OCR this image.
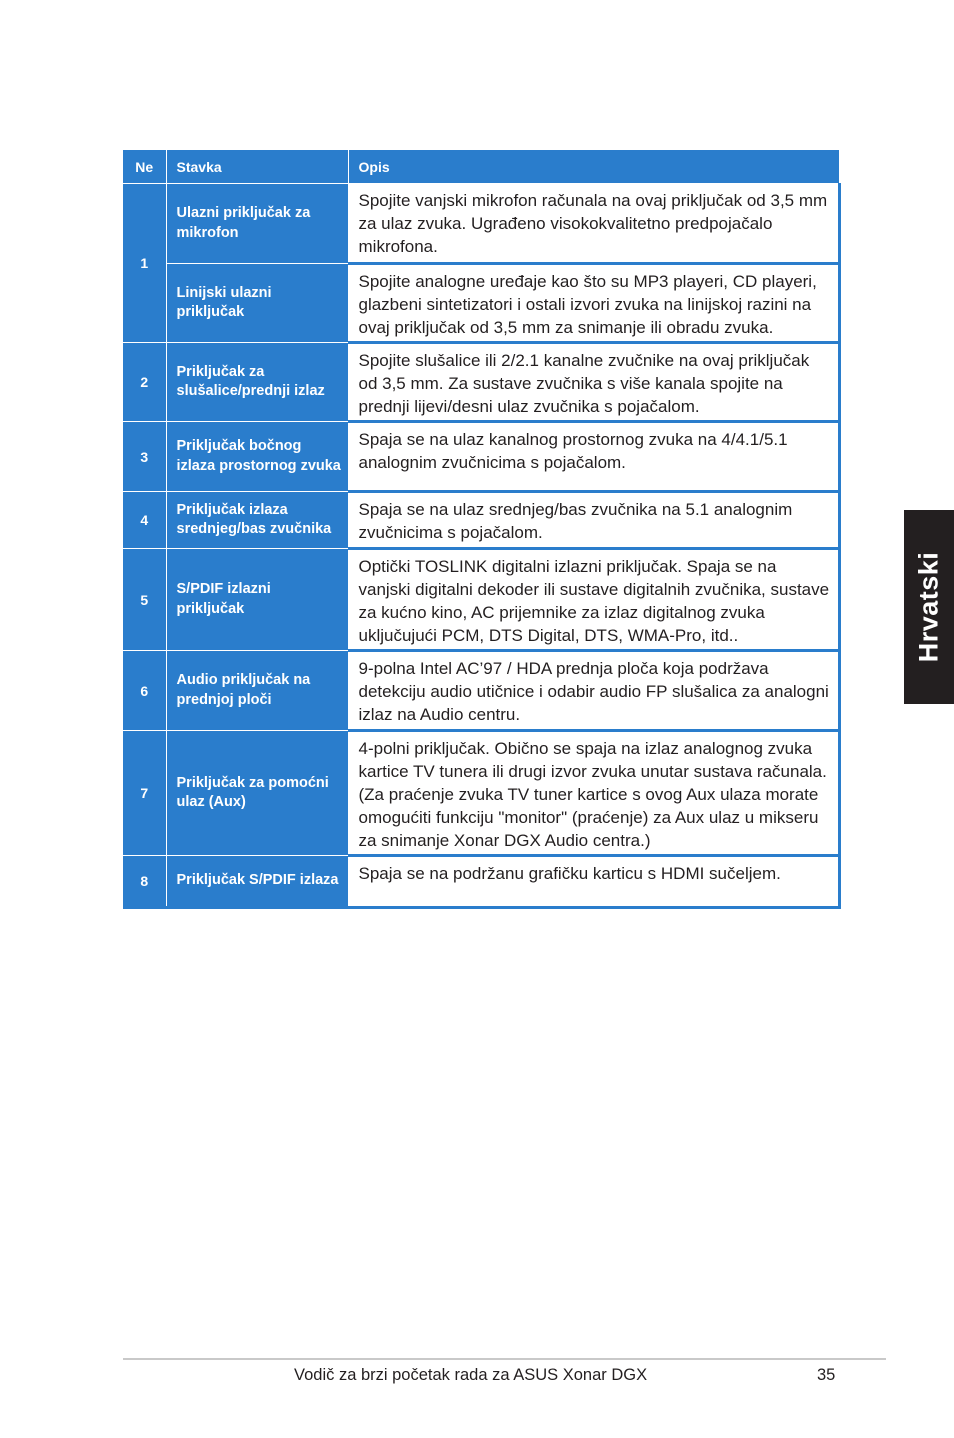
Ne	Stavka	Opis
1	Ulazni priključak za mikrofon	Spojite vanjski mikrofon računala na ovaj priključak od 3,5 mm za ulaz zvuka. Ugrađeno visokokvalitetno predpojačalo mikrofona.
	Linijski ulazni priključak	Spojite analogne uređaje kao što su MP3 playeri, CD playeri, glazbeni sintetizatori i ostali izvori zvuka na linijskoj razini na ovaj priključak od 3,5 mm za snimanje ili obradu zvuka.
2	Priključak za slušalice/prednji izlaz	Spojite slušalice ili 2/2.1 kanalne zvučnike na ovaj priključak od 3,5 mm. Za sustave zvučnika s više kanala spojite na prednji lijevi/desni ulaz zvučnika s pojačalom.
3	Priključak bočnog izlaza prostornog zvuka	Spaja se na ulaz kanalnog prostornog zvuka na 4/4.1/5.1 analognim zvučnicima s pojačalom.
4	Priključak izlaza srednjeg/bas zvučnika	Spaja se na ulaz srednjeg/bas zvučnika na 5.1 analognim zvučnicima s pojačalom.
5	S/PDIF izlazni priključak	Optički TOSLINK digitalni izlazni priključak. Spaja se na vanjski digitalni dekoder ili sustave digitalnih zvučnika, sustave za kućno kino, AC prijemnike za izlaz digitalnog zvuka uključujući PCM, DTS Digital, DTS, WMA-Pro, itd..
6	Audio priključak na prednjoj ploči	9-polna Intel AC’97 / HDA prednja ploča koja podržava detekciju audio utičnice i odabir audio FP slušalica za analogni izlaz na Audio centru.
7	Priključak za pomoćni ulaz (Aux)	4-polni priključak. Obično se spaja na izlaz analognog zvuka kartice TV tunera ili drugi izvor zvuka unutar sustava računala. (Za praćenje zvuka TV tuner kartice s ovog Aux ulaza morate omogućiti funkciju "monitor" (praćenje) za Aux ulaz u mikseru za snimanje Xonar DGX Audio centra.)
8	Priključak S/PDIF izlaza	Spaja se na podržanu grafičku karticu s HDMI sučeljem.
Hrvatski
Vodič za brzi početak rada za ASUS Xonar DGX	35
